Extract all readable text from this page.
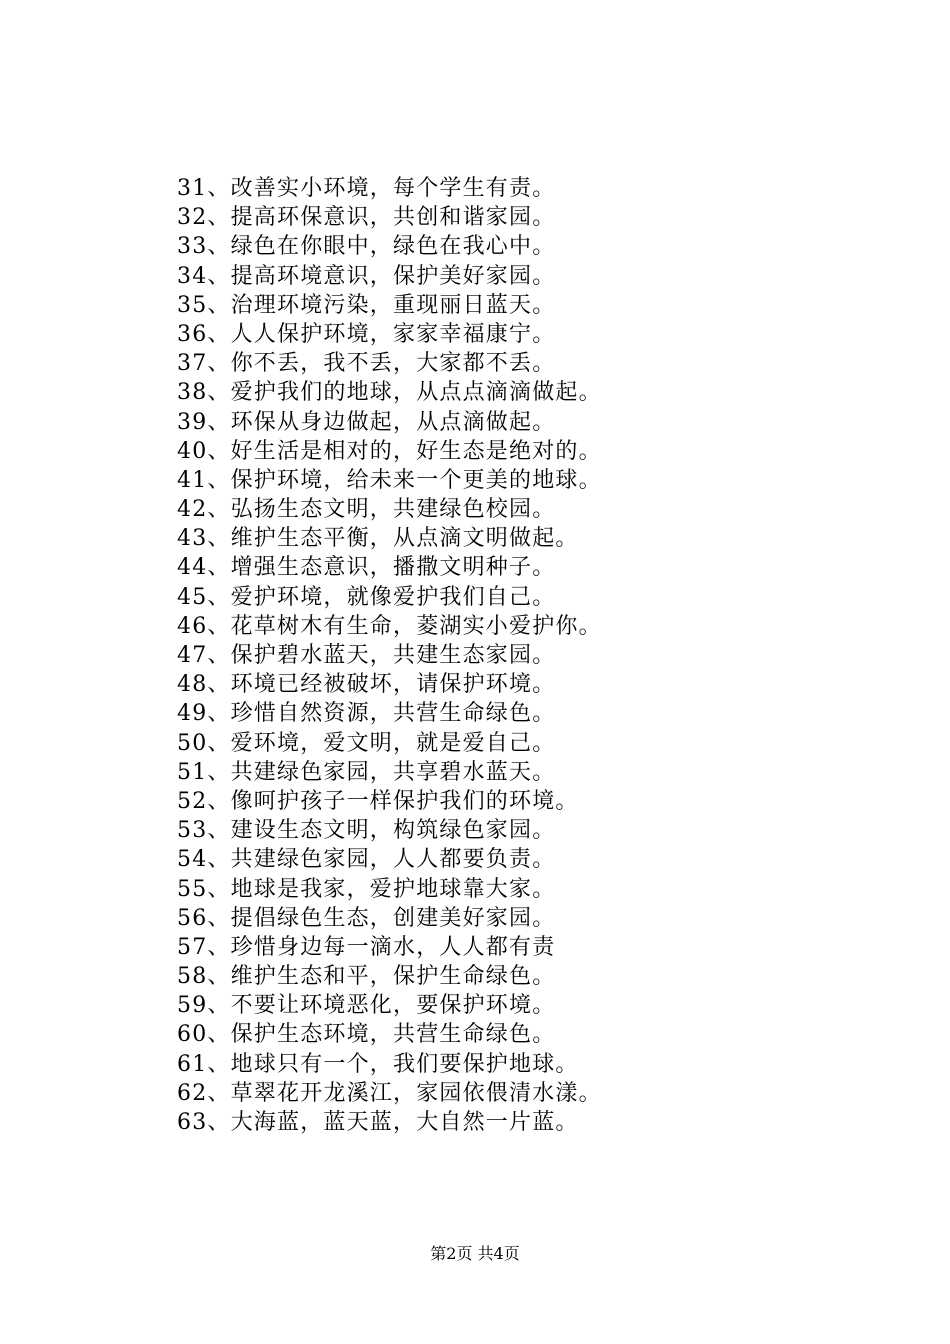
31、改善实小环境，每个学生有责。
32、提高环保意识，共创和谐家园。
33、绿色在你眼中，绿色在我心中。
34、提高环境意识，保护美好家园。
35、治理环境污染，重现丽日蓝天。
36、人人保护环境，家家幸福康宁。
37、你不丢，我不丢，大家都不丢。
38、爱护我们的地球，从点点滴滴做起。
39、环保从身边做起，从点滴做起。
40、好生活是相对的，好生态是绝对的。
41、保护环境，给未来一个更美的地球。
42、弘扬生态文明，共建绿色校园。
43、维护生态平衡，从点滴文明做起。
44、增强生态意识，播撒文明种子。
45、爱护环境，就像爱护我们自己。
46、花草树木有生命，菱湖实小爱护你。
47、保护碧水蓝天，共建生态家园。
48、环境已经被破坏，请保护环境。
49、珍惜自然资源，共营生命绿色。
50、爱环境，爱文明，就是爱自己。
51、共建绿色家园，共享碧水蓝天。
52、像呵护孩子一样保护我们的环境。
53、建设生态文明，构筑绿色家园。
54、共建绿色家园，人人都要负责。
55、地球是我家，爱护地球靠大家。
56、提倡绿色生态，创建美好家园。
57、珍惜身边每一滴水，人人都有责
58、维护生态和平，保护生命绿色。
59、不要让环境恶化，要保护环境。
60、保护生态环境，共营生命绿色。
61、地球只有一个，我们要保护地球。
62、草翠花开龙溪江，家园依偎清水漾。
63、大海蓝，蓝天蓝，大自然一片蓝。
第2页 共4页
